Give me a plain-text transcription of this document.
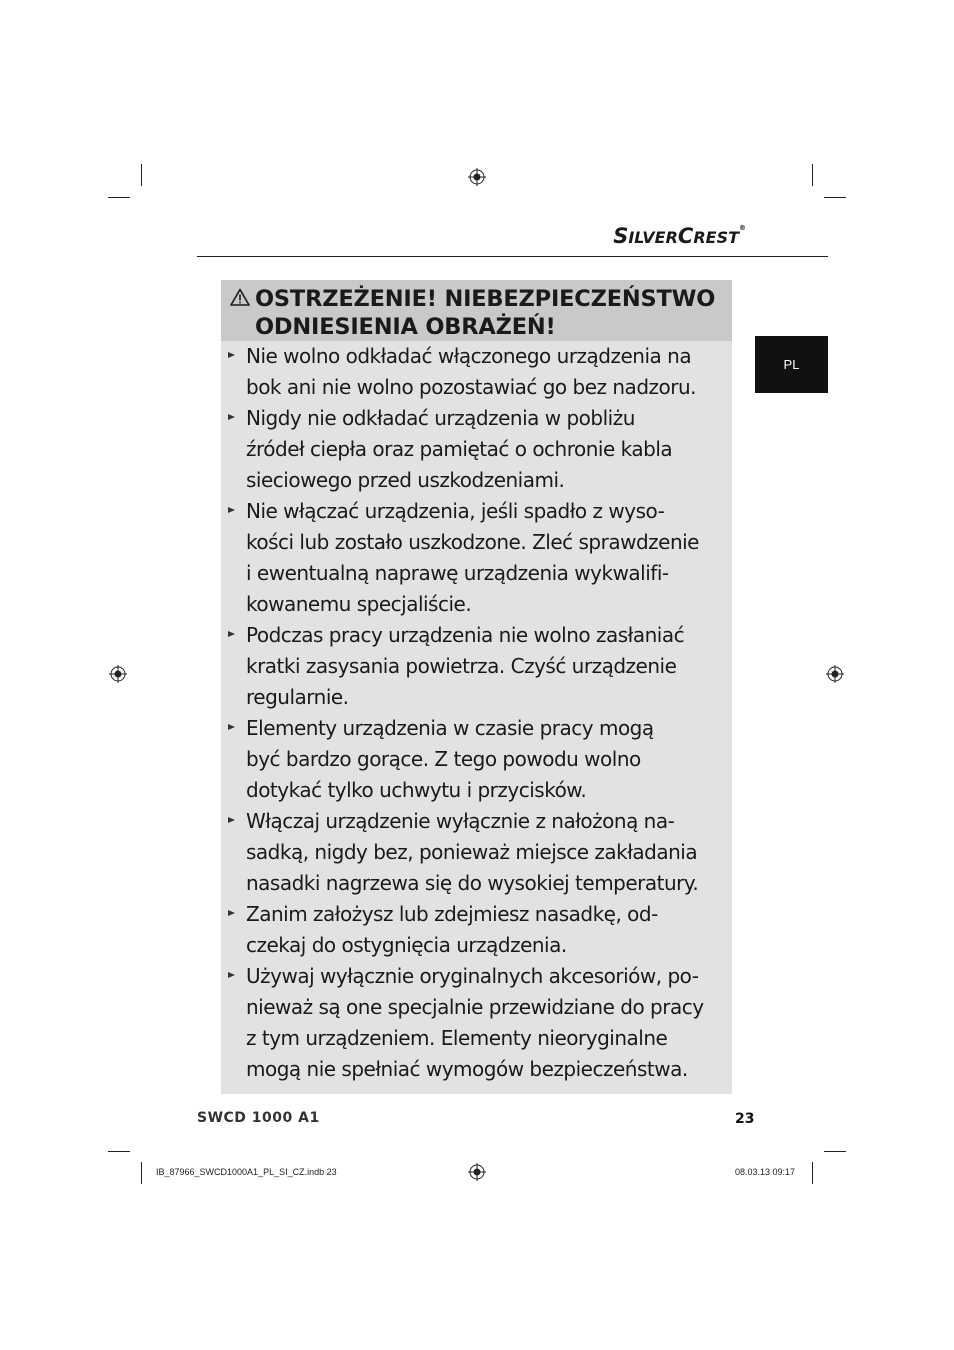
SILVERCREST®
PL
OSTRZEŻENIE! NIEBEZPIECZEŃSTWO
ODNIESIENIA OBRAŻEŃ!
Nie wolno odkładać włączonego urządzenia na
bok ani nie wolno pozostawiać go bez nadzoru.
Nigdy nie odkładać urządzenia w pobliżu
źródeł ciepła oraz pamiętać o ochronie kabla
sieciowego przed uszkodzeniami.
Nie włączać urządzenia, jeśli spadło z wyso-
kości lub zostało uszkodzone. Zleć sprawdzenie
i ewentualną naprawę urządzenia wykwalifi-
kowanemu specjaliście.
Podczas pracy urządzenia nie wolno zasłaniać
kratki zasysania powietrza. Czyść urządzenie
regularnie.
Elementy urządzenia w czasie pracy mogą
być bardzo gorące. Z tego powodu wolno
dotykać tylko uchwytu i przycisków.
Włączaj urządzenie wyłącznie z nałożoną na-
sadką, nigdy bez, ponieważ miejsce zakładania
nasadki nagrzewa się do wysokiej temperatury.
Zanim założysz lub zdejmiesz nasadkę, od-
czekaj do ostygnięcia urządzenia.
Używaj wyłącznie oryginalnych akcesoriów, po-
nieważ są one specjalnie przewidziane do pracy
z tym urządzeniem. Elementy nieoryginalne
mogą nie spełniać wymogów bezpieczeństwa.
SWCD 1000 A1	23
IB_87966_SWCD1000A1_PL_SI_CZ.indb 23	08.03.13 09:17
